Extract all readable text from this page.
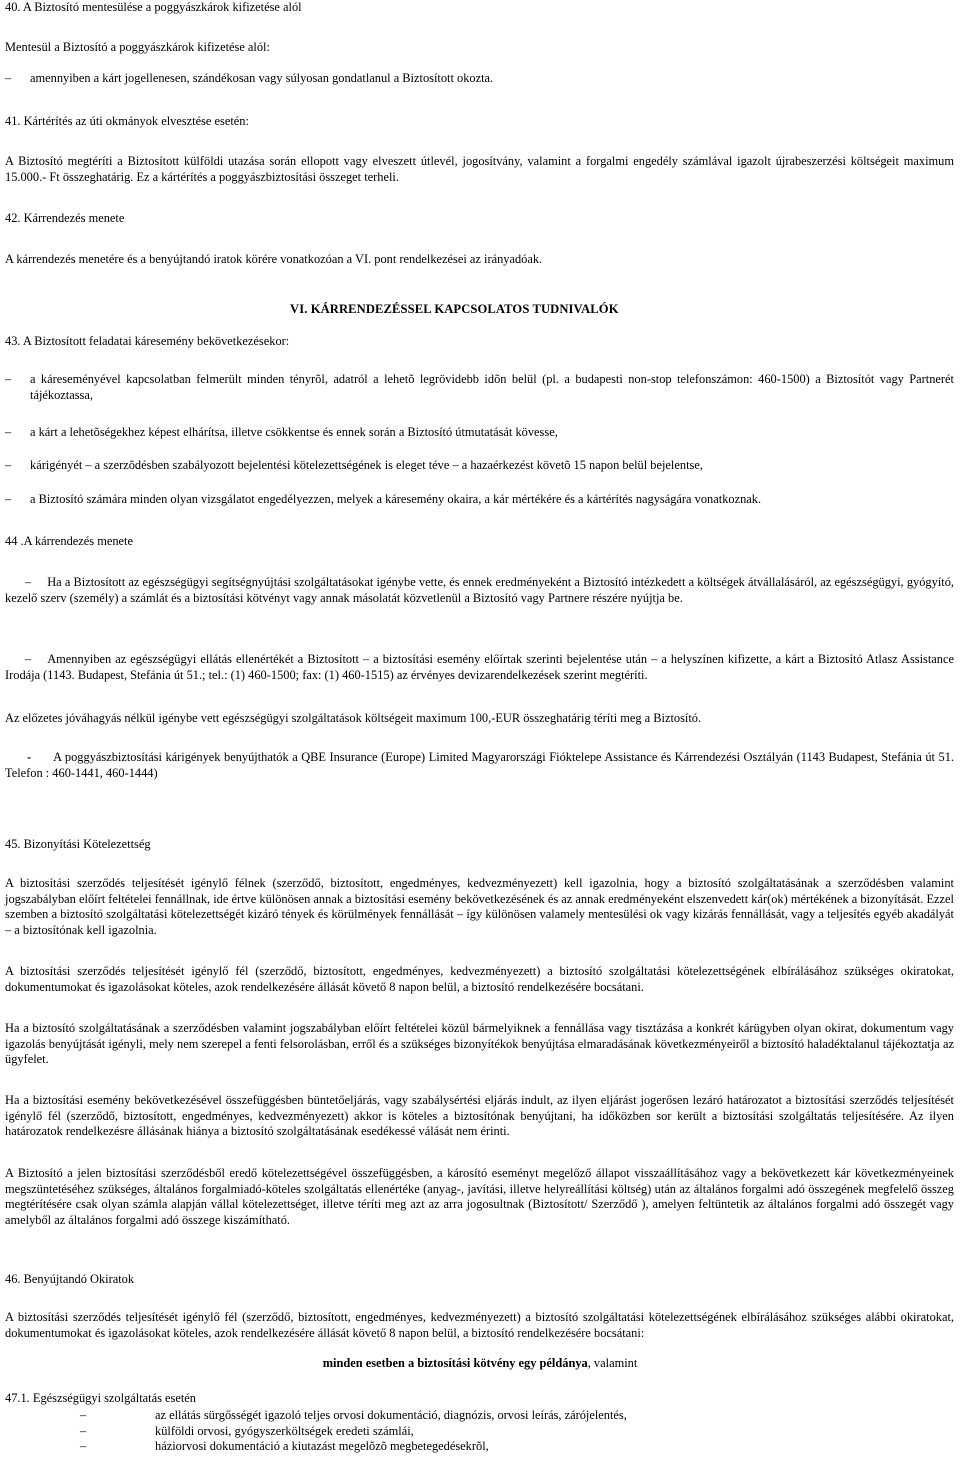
40. A Biztosító mentesülése a poggyászkárok kifizetése alól

Mentesül a Biztosító a poggyászkárok kifizetése alól:

–	amennyiben a kárt jogellenesen, szándékosan vagy súlyosan gondatlanul a Biztosított okozta.

41. Kártérítés az úti okmányok elvesztése esetén:

A Biztosító megtéríti a Biztosított külföldi utazása során ellopott vagy elveszett útlevél, jogosítvány, valamint a forgalmi engedély számlával igazolt újrabeszerzési költségeit maximum 15.000.- Ft összeghatárig. Ez a kártérítés a poggyászbiztosítási összeget terheli.

42. Kárrendezés menete

A kárrendezés menetére és a benyújtandó iratok körére vonatkozóan a VI. pont rendelkezései az irányadóak.

VI. KÁRRENDEZÉSSEL KAPCSOLATOS TUDNIVALÓK

43. A Biztosított feladatai káresemény bekövetkezésekor:

–	a káreseményével kapcsolatban felmerült minden tényrõl, adatról a lehetõ legrövidebb idõn belül (pl. a budapesti non-stop telefonszámon: 460-1500) a Biztosítót vagy Partnerét tájékoztassa,
–	a kárt a lehetõségekhez képest elhárítsa, illetve csökkentse és ennek során a Biztosító útmutatását kövesse,
–	kárigényét – a szerzõdésben szabályozott bejelentési kötelezettségének is eleget téve – a hazaérkezést követõ 15 napon belül bejelentse,
–	a Biztosító számára minden olyan vizsgálatot engedélyezzen, melyek a káresemény okaira, a kár mértékére és a kártérítés nagyságára vonatkoznak.

44 .A kárrendezés menete

– Ha a Biztosított az egészségügyi segítségnyújtási szolgáltatásokat igénybe vette, és ennek eredményeként a Biztosító intézkedett a költségek átvállalásáról, az egészségügyi, gyógyító, kezelő szerv (személy) a számlát és a biztosítási kötvényt vagy annak másolatát közvetlenül a Biztosító vagy Partnere részére nyújtja be.

– Amennyiben az egészségügyi ellátás ellenértékét a Biztosított – a biztosítási esemény előírtak szerinti bejelentése után – a helyszínen kifizette, a kárt a Biztosító Atlasz Assistance Irodája (1143. Budapest, Stefánia út 51.; tel.: (1) 460-1500; fax: (1) 460-1515) az érvényes devizarendelkezések szerint megtéríti.

Az előzetes jóváhagyás nélkül igénybe vett egészségügyi szolgáltatások költségeit maximum 100,-EUR összeghatárig téríti meg a Biztosító.

- A poggyászbiztosítási kárigények benyújthatók a QBE Insurance (Europe) Limited Magyarországi Fióktelepe Assistance és Kárrendezési Osztályán (1143 Budapest, Stefánia út 51. Telefon : 460-1441, 460-1444)

45. Bizonyítási Kötelezettség

A biztosítási szerződés teljesítését igénylő félnek (szerződő, biztosított, engedményes, kedvezményezett) kell igazolnia, hogy a biztosító szolgáltatásának a szerződésben valamint jogszabályban előírt feltételei fennállnak, ide értve különösen annak a biztosítási esemény bekövetkezésének és az annak eredményeként elszenvedett kár(ok) mértékének a bizonyítását. Ezzel szemben a biztosító szolgáltatási kötelezettségét kizáró tények és körülmények fennállását – így különösen valamely mentesülési ok vagy kizárás fennállását, vagy a teljesítés egyéb akadályát – a biztosítónak kell igazolnia.

A biztosítási szerződés teljesítését igénylő fél (szerződő, biztosított, engedményes, kedvezményezett) a biztosító szolgáltatási kötelezettségének elbírálásához szükséges okiratokat, dokumentumokat és igazolásokat köteles, azok rendelkezésére állását követő 8 napon belül, a biztosító rendelkezésére bocsátani.

Ha a biztosító szolgáltatásának a szerződésben valamint jogszabályban előírt feltételei közül bármelyiknek a fennállása vagy tisztázása a konkrét kárügyben olyan okirat, dokumentum vagy igazolás benyújtását igényli, mely nem szerepel a fenti felsorolásban, erről és a szükséges bizonyítékok benyújtása elmaradásának következményeiről a biztosító haladéktalanul tájékoztatja az ügyfelet.

Ha a biztosítási esemény bekövetkezésével összefüggésben büntetőeljárás, vagy szabálysértési eljárás indult, az ilyen eljárást jogerősen lezáró határozatot a biztosítási szerződés teljesítését igénylő fél (szerződő, biztosított, engedményes, kedvezményezett) akkor is köteles a biztosítónak benyújtani, ha időközben sor került a biztosítási szolgáltatás teljesítésére. Az ilyen határozatok rendelkezésre állásának hiánya a biztosító szolgáltatásának esedékessé válását nem érinti.

A Biztosító a jelen biztosítási szerződésből eredő kötelezettségével összefüggésben, a károsító eseményt megelőző állapot visszaállításához vagy a bekövetkezett kár következményeinek megszüntetéséhez szükséges, általános forgalmiadó-köteles szolgáltatás ellenértéke (anyag-, javítási, illetve helyreállítási költség) után az általános forgalmi adó összegének megfelelő összeg megtérítésére csak olyan számla alapján vállal kötelezettséget, illetve téríti meg azt az arra jogosultnak (Biztosított/ Szerződő ), amelyen feltüntetik az általános forgalmi adó összegét vagy amelyből az általános forgalmi adó összege kiszámítható.

46. Benyújtandó Okiratok

A biztosítási szerződés teljesítését igénylő fél (szerződő, biztosított, engedményes, kedvezményezett) a biztosító szolgáltatási kötelezettségének elbírálásához szükséges alábbi okiratokat, dokumentumokat és igazolásokat köteles, azok rendelkezésére állását követő 8 napon belül, a biztosító rendelkezésére bocsátani:

minden esetben a biztosítási kötvény egy példánya, valamint

47.1. Egészségügyi szolgáltatás esetén

–	az ellátás sürgősségét igazoló teljes orvosi dokumentáció, diagnózis, orvosi leírás, zárójelentés,
–	külföldi orvosi, gyógyszerköltségek eredeti számlái,
–	háziorvosi dokumentáció a kiutazást megelõzõ megbetegedésekrõl,
